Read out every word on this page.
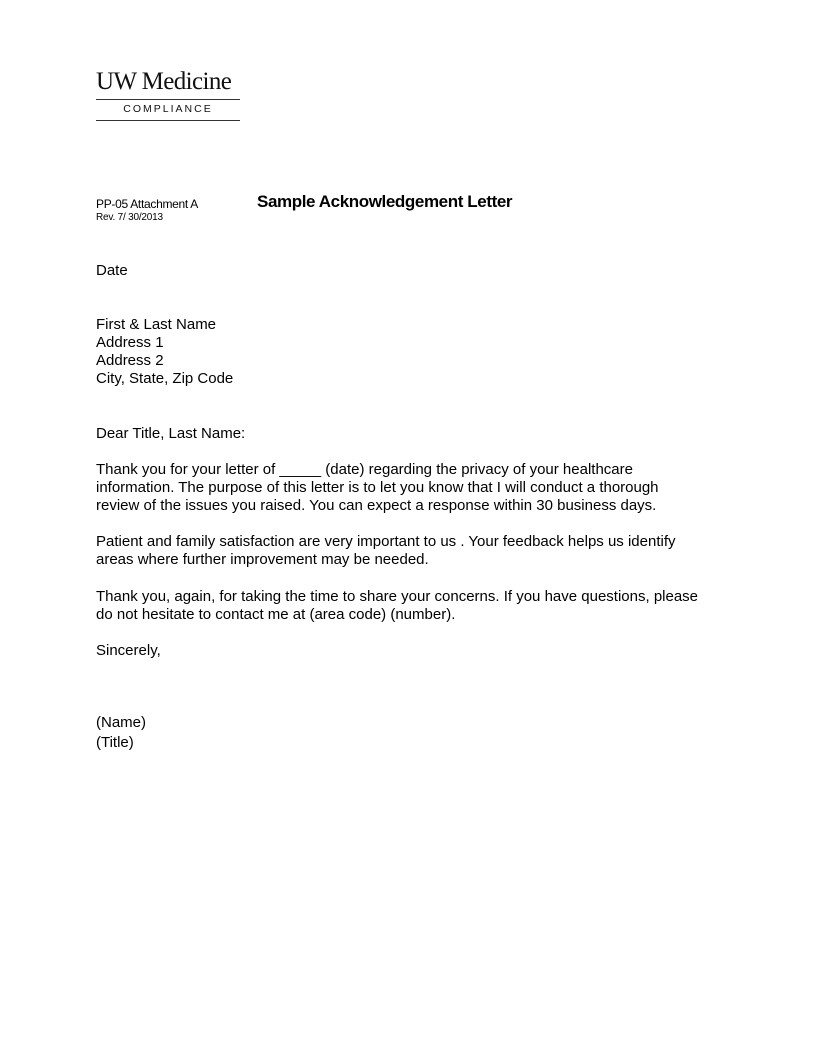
UW Medicine
COMPLIANCE
PP-05 Attachment A
Rev. 7/ 30/2013
Sample Acknowledgement Letter
Date
First & Last Name
Address 1
Address 2
City, State, Zip Code
Dear Title, Last Name:
Thank you for your letter of _____ (date) regarding the privacy of your healthcare
information. The purpose of this letter is to let you know that I will conduct a thorough
review of the issues you raised. You can expect a response within 30 business days.
Patient and family satisfaction are very important to us . Your feedback helps us identify
areas where further improvement may be needed.
Thank you, again, for taking the time to share your concerns. If you have questions, please
do not hesitate to contact me at (area code) (number).
Sincerely,
(Name)
(Title)
